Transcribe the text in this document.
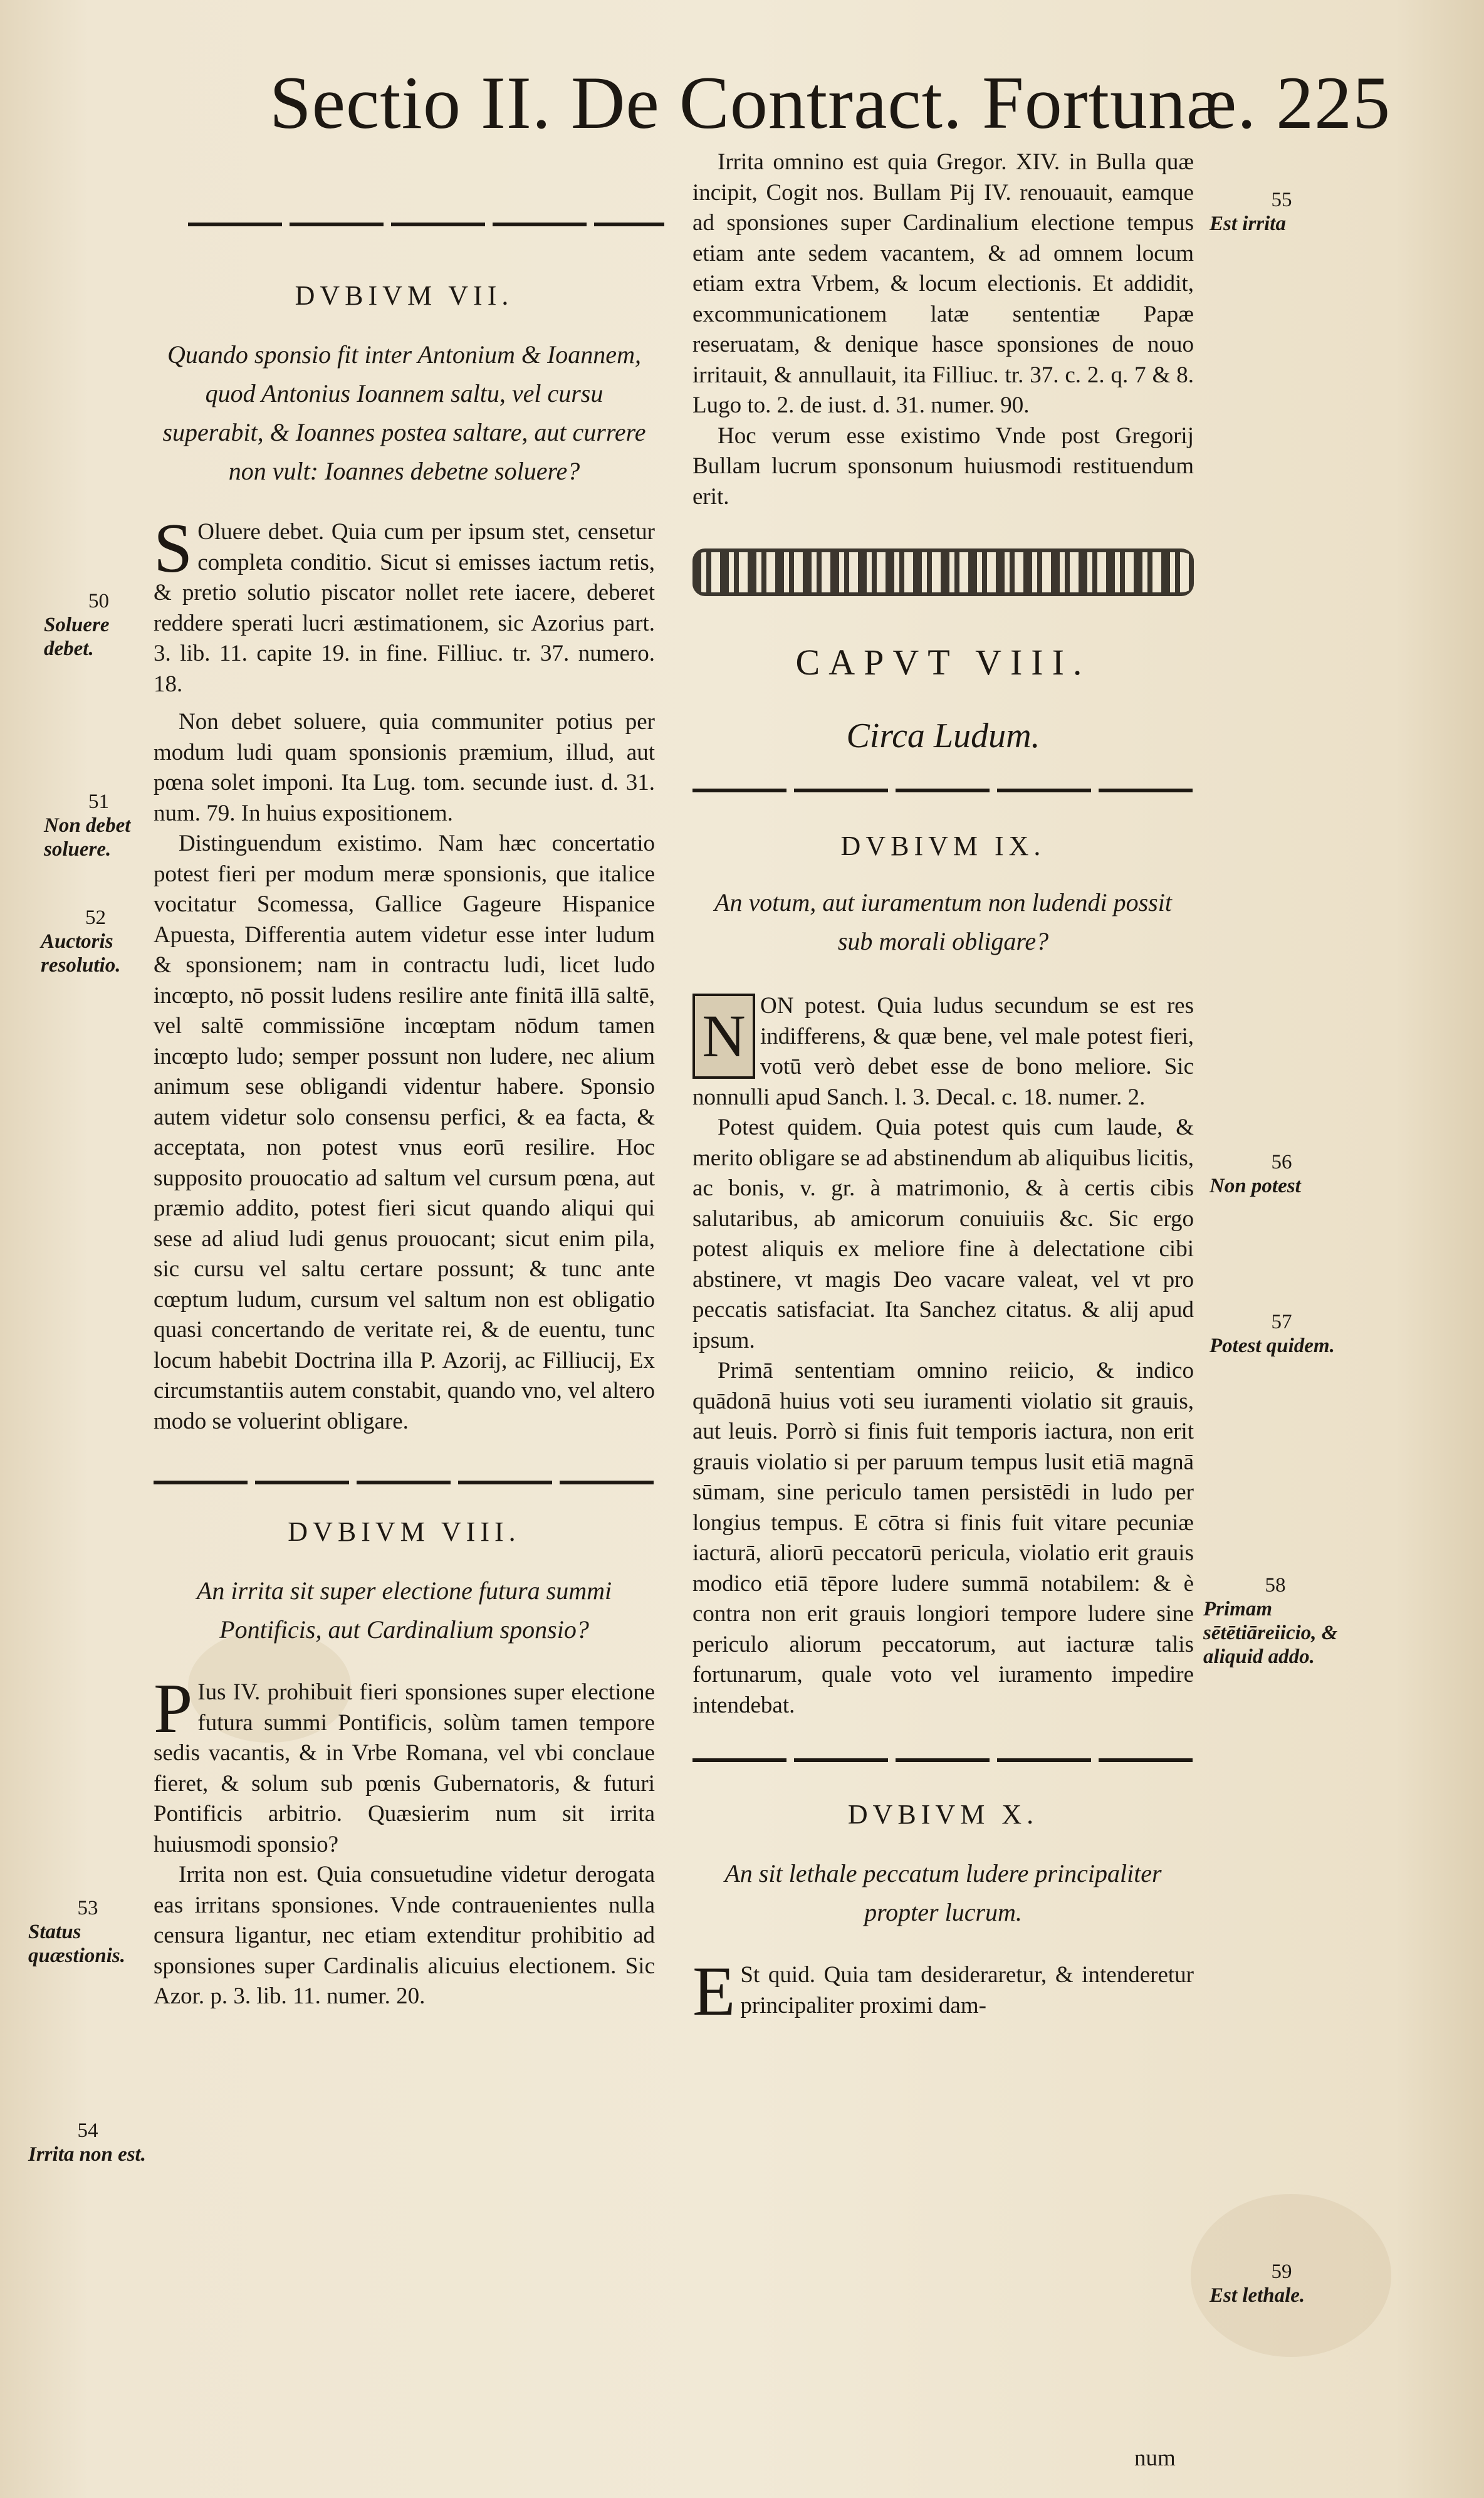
Sectio II. De Contract. Fortunæ. 225

DVBIVM VII.

Quando sponsio fit inter Antonium & Ioannem, quod Antonius Ioannem saltu, vel cursu superabit, & Ioannes postea saltare, aut currere non vult: Ioannes debetne soluere?

S Oluere debet. Quia cum per ipsum stet, censetur completa conditio. Sicut si emisses iactum retis, & pretio solutio piscator nollet rete iacere, deberet reddere sperati lucri æstimationem, sic Azorius part. 3. lib. 11. capite 19. in fine. Filliuc. tr. 37. numero. 18.

Non debet soluere, quia communiter potius per modum ludi quam sponsionis præmium, illud, aut pœna solet imponi. Ita Lug. tom. secunde iust. d. 31. num. 79. In huius expositionem.

Distinguendum existimo. Nam hæc concertatio potest fieri per modum meræ sponsionis, que italice vocitatur Scomessa, Gallice Gageure Hispanice Apuesta, Differentia autem videtur esse inter ludum & sponsionem; nam in contractu ludi, licet ludo incœpto, nō possit ludens resilire ante finitā illā saltē, vel saltē commissiōne incœptam nōdum tamen incœpto ludo; semper possunt non ludere, nec alium animum sese obligandi videntur habere. Sponsio autem videtur solo consensu perfici, & ea facta, & acceptata, non potest vnus eorū resilire. Hoc supposito prouocatio ad saltum vel cursum pœna, aut præmio addito, potest fieri sicut quando aliqui qui sese ad aliud ludi genus prouocant; sicut enim pila, sic cursu vel saltu certare possunt; & tunc ante cœptum ludum, cursum vel saltum non est obligatio quasi concertando de veritate rei, & de euentu, tunc locum habebit Doctrina illa P. Azorij, ac Filliucij, Ex circumstantiis autem constabit, quando vno, vel altero modo se voluerint obligare.

DVBIVM VIII.

An irrita sit super electione futura summi Pontificis, aut Cardinalium sponsio?

P Ius IV. prohibuit fieri sponsiones super electione futura summi Pontificis, solùm tamen tempore sedis vacantis, & in Vrbe Romana, vel vbi conclaue fieret, & solum sub pœnis Gubernatoris, & futuri Pontificis arbitrio. Quæsierim num sit irrita huiusmodi sponsio?

Irrita non est. Quia consuetudine videtur derogata eas irritans sponsiones. Vnde contrauenientes nulla censura ligantur, nec etiam extenditur prohibitio ad sponsiones super Cardinalis alicuius electionem. Sic Azor. p. 3. lib. 11. numer. 20.

Irrita omnino est quia Gregor. XIV. in Bulla quæ incipit, Cogit nos. Bullam Pij IV. renouauit, eamque ad sponsiones super Cardinalium electione tempus etiam ante sedem vacantem, & ad omnem locum etiam extra Vrbem, & locum electionis. Et addidit, excommunicationem latæ sententiæ Papæ reseruatam, & denique hasce sponsiones de nouo irritauit, & annullauit, ita Filliuc. tr. 37. c. 2. q. 7 & 8. Lugo to. 2. de iust. d. 31. numer. 90.

Hoc verum esse existimo Vnde post Gregorij Bullam lucrum sponsonum huiusmodi restituendum erit.

CAPVT VIII.

Circa Ludum.

DVBIVM IX.

An votum, aut iuramentum non ludendi possit sub morali obligare?

N ON potest. Quia ludus secundum se est res indifferens, & quæ bene, vel male potest fieri, votū verò debet esse de bono meliore. Sic nonnulli apud Sanch. l. 3. Decal. c. 18. numer. 2.

Potest quidem. Quia potest quis cum laude, & merito obligare se ad abstinendum ab aliquibus licitis, ac bonis, v. gr. à matrimonio, & à certis cibis salutaribus, ab amicorum conuiuiis &c. Sic ergo potest aliquis ex meliore fine à delectatione cibi abstinere, vt magis Deo vacare valeat, vel vt pro peccatis satisfaciat. Ita Sanchez citatus. & alij apud ipsum.

Primā sententiam omnino reiicio, & indico quādonā huius voti seu iuramenti violatio sit grauis, aut leuis. Porrò si finis fuit temporis iactura, non erit grauis violatio si per paruum tempus lusit etiā magnā sūmam, sine periculo tamen persistēdi in ludo per longius tempus. E cōtra si finis fuit vitare pecuniæ iacturā, aliorū peccatorū pericula, violatio erit grauis modico etiā tēpore ludere summā notabilem: & è contra non erit grauis longiori tempore ludere sine periculo aliorum peccatorum, aut iacturæ talis fortunarum, quale voto vel iuramento impedire intendebat.

DVBIVM X.

An sit lethale peccatum ludere principaliter propter lucrum.

E St quid. Quia tam desideraretur, & intenderetur principaliter proximi dam-

num
50
Soluere debet.
51
Non debet soluere.
52
Auctoris resolutio.
53
Status quæstionis.
54
Irrita non est.
55
Est irrita
56
Non potest
57
Potest quidem.
58
Primam sētētiāreiicio, & aliquid addo.
59
Est lethale.
